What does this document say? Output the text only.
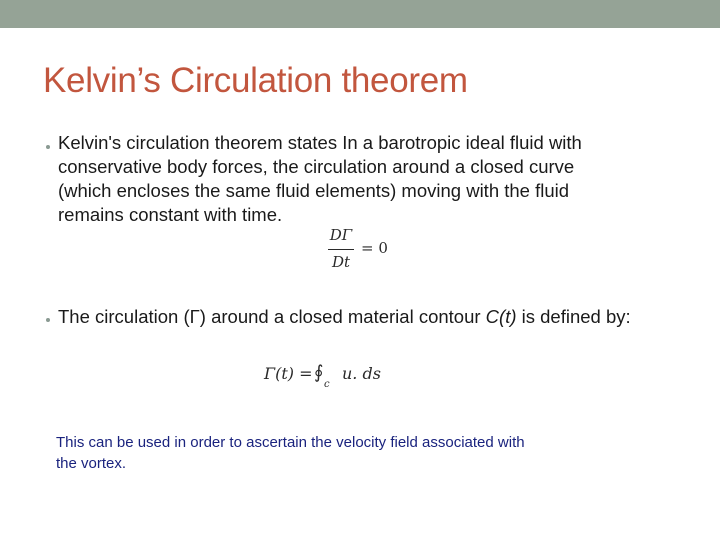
Kelvin’s Circulation theorem
Kelvin's circulation theorem states In a barotropic ideal fluid with
conservative body forces, the circulation around a closed curve
(which encloses the same fluid elements) moving with the fluid
remains constant with time.
DΓ
Dt
= 0
The circulation (Γ) around a closed material contour C(t) is defined by:
Γ(t) = ∮
c
u. ds
This can be used in order to ascertain the velocity field associated with
the vortex.
